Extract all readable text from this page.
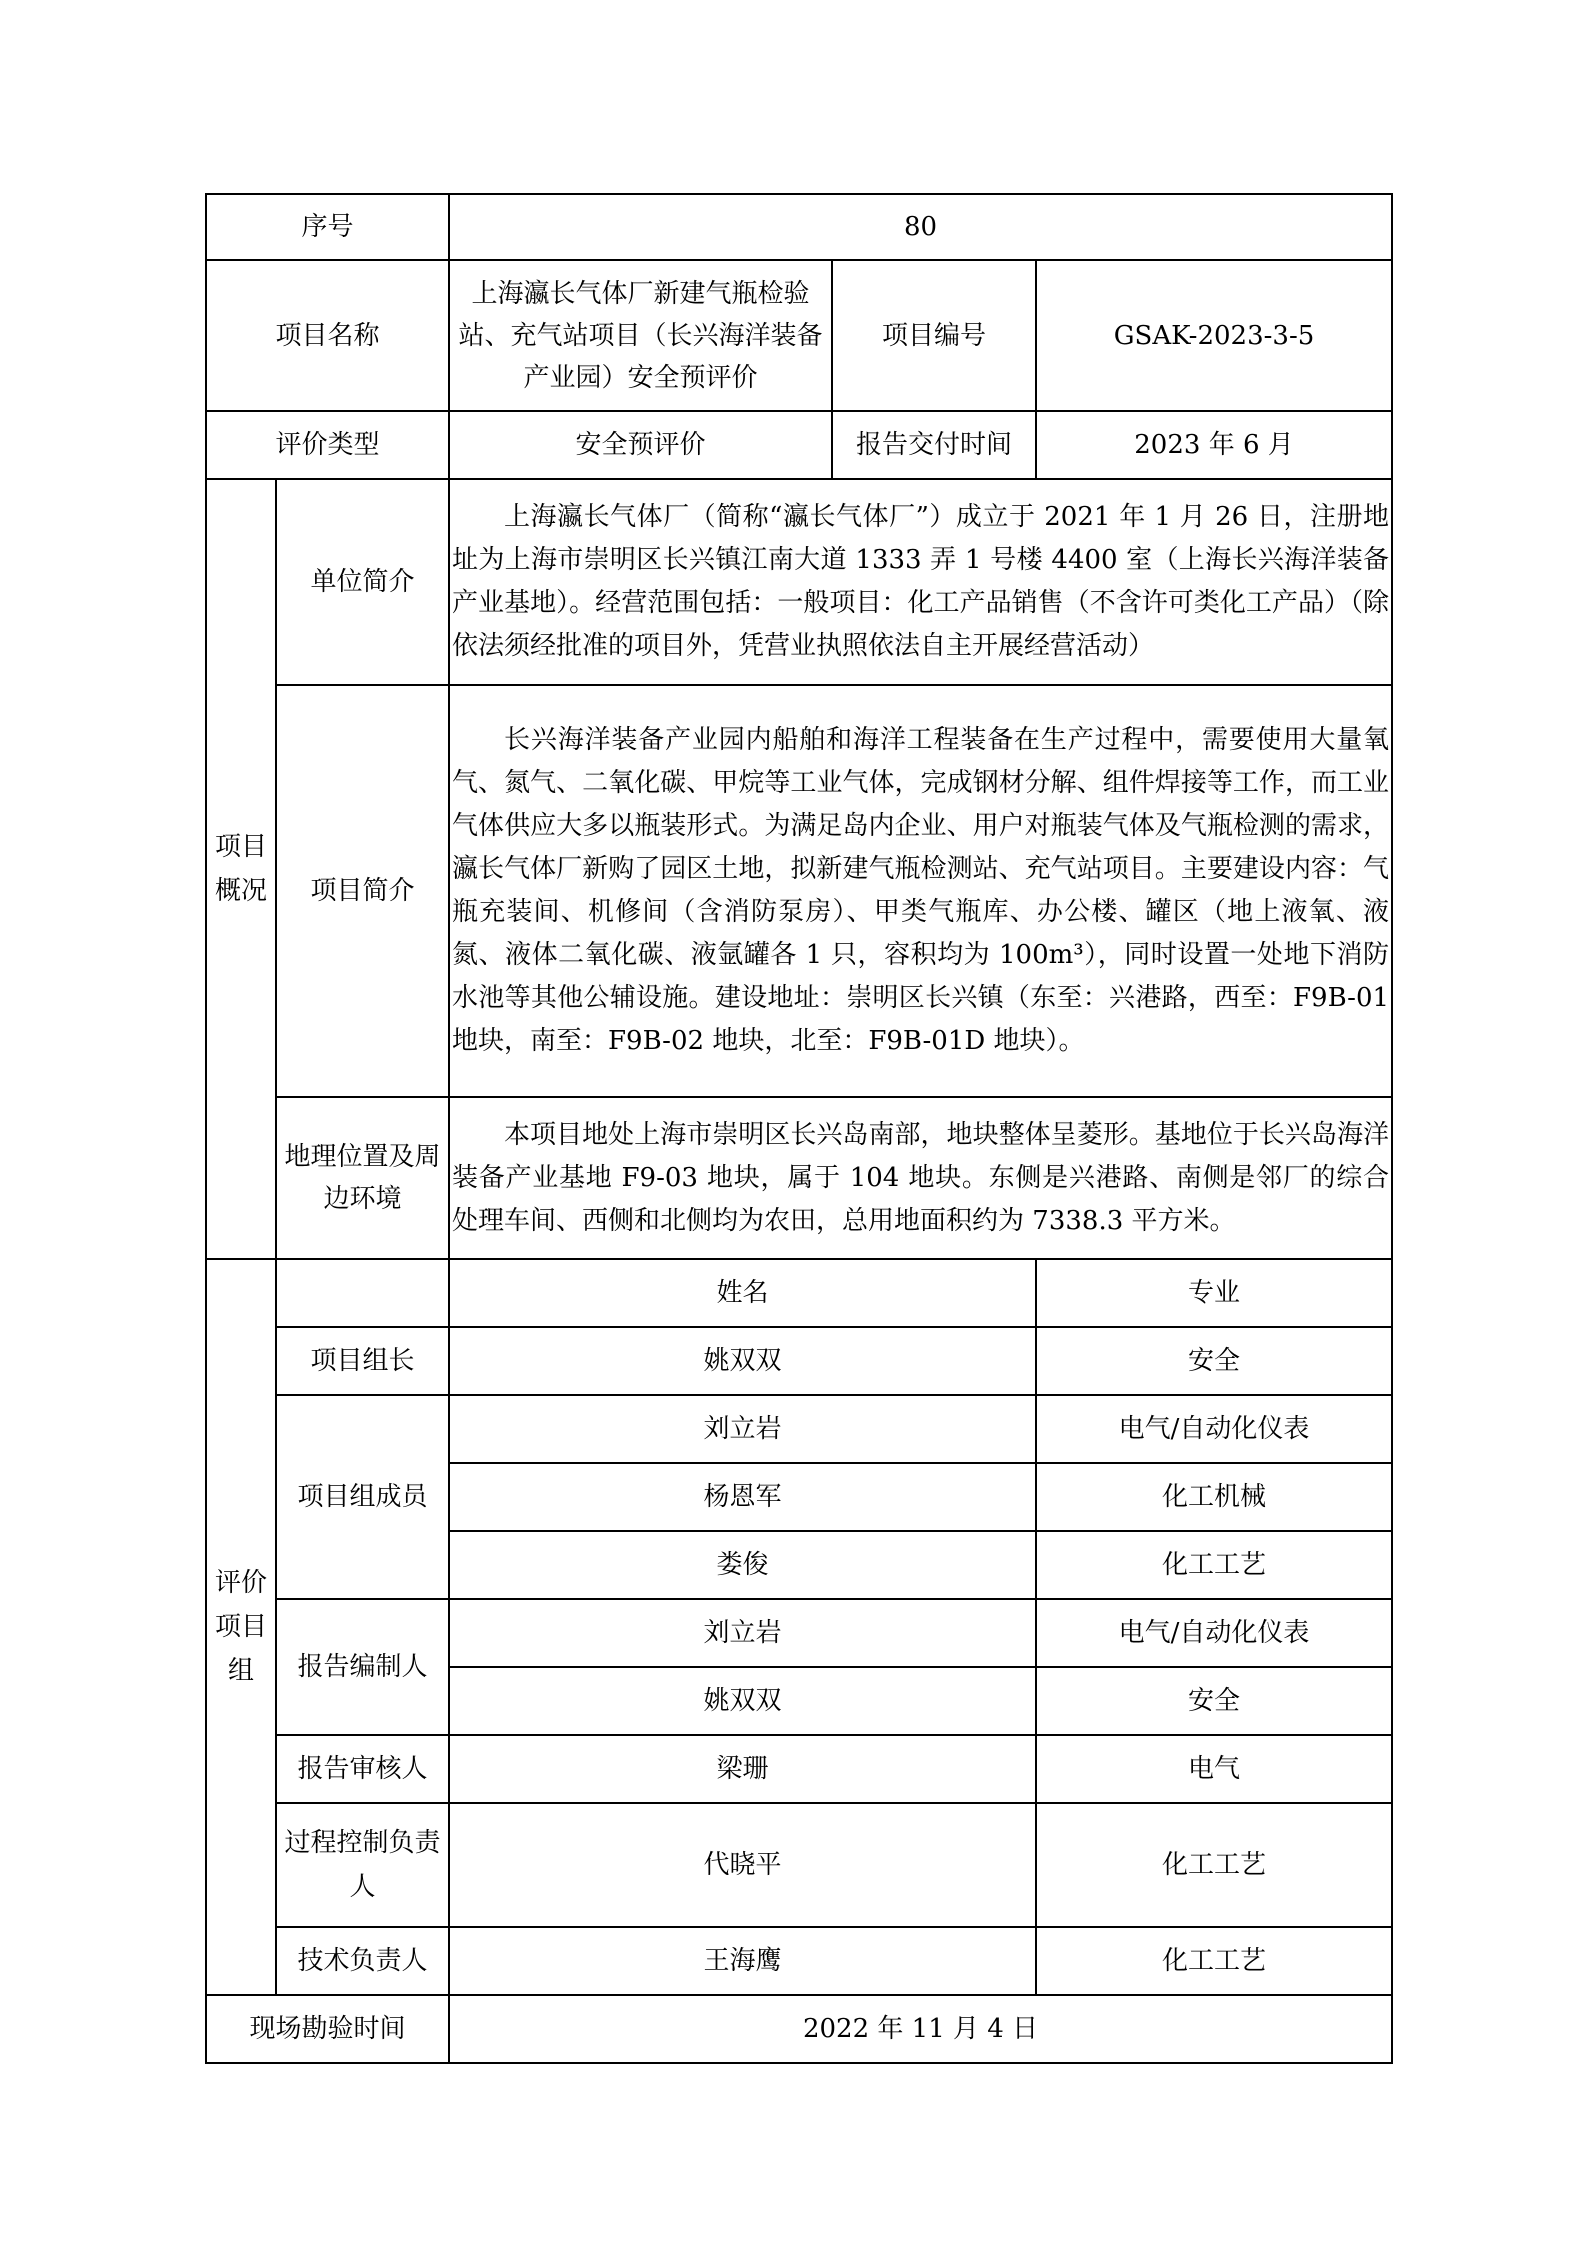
序号		80		
项目名称		上海瀛长气体厂新建气瓶检验站、充气站项目（长兴海洋装备产业园）安全预评价	项目编号	GSAK-2023-3-5
评价类型		安全预评价	报告交付时间	2023 年 6 月
项目概况	单位简介	上海瀛长气体厂（简称“瀛长气体厂”）成立于 2021 年 1 月 26 日，注册地址为上海市崇明区长兴镇江南大道 1333 弄 1 号楼 4400 室（上海长兴海洋装备产业基地）。经营范围包括：一般项目：化工产品销售（不含许可类化工产品）（除依法须经批准的项目外，凭营业执照依法自主开展经营活动）		
	项目简介	长兴海洋装备产业园内船舶和海洋工程装备在生产过程中，需要使用大量氧气、氮气、二氧化碳、甲烷等工业气体，完成钢材分解、组件焊接等工作，而工业气体供应大多以瓶装形式。为满足岛内企业、用户对瓶装气体及气瓶检测的需求，瀛长气体厂新购了园区土地，拟新建气瓶检测站、充气站项目。主要建设内容：气瓶充装间、机修间（含消防泵房）、甲类气瓶库、办公楼、罐区（地上液氧、液氮、液体二氧化碳、液氩罐各 1 只，容积均为 100m³），同时设置一处地下消防水池等其他公辅设施。建设地址：崇明区长兴镇（东至：兴港路，西至：F9B-01 地块，南至：F9B-02 地块，北至：F9B-01D 地块）。		
	地理位置及周边环境	本项目地处上海市崇明区长兴岛南部，地块整体呈菱形。基地位于长兴岛海洋装备产业基地 F9-03 地块，属于 104 地块。东侧是兴港路、南侧是邻厂的综合处理车间、西侧和北侧均为农田，总用地面积约为 7338.3 平方米。		
评价项目组		姓名		专业
	项目组长	姚双双		安全
	项目组成员	刘立岩		电气/自动化仪表
		杨恩军		化工机械
		娄俊		化工工艺
	报告编制人	刘立岩		电气/自动化仪表
		姚双双		安全
	报告审核人	梁珊		电气
	过程控制负责人	代晓平		化工工艺
	技术负责人	王海鹰		化工工艺
现场勘验时间		2022 年 11 月 4 日		
